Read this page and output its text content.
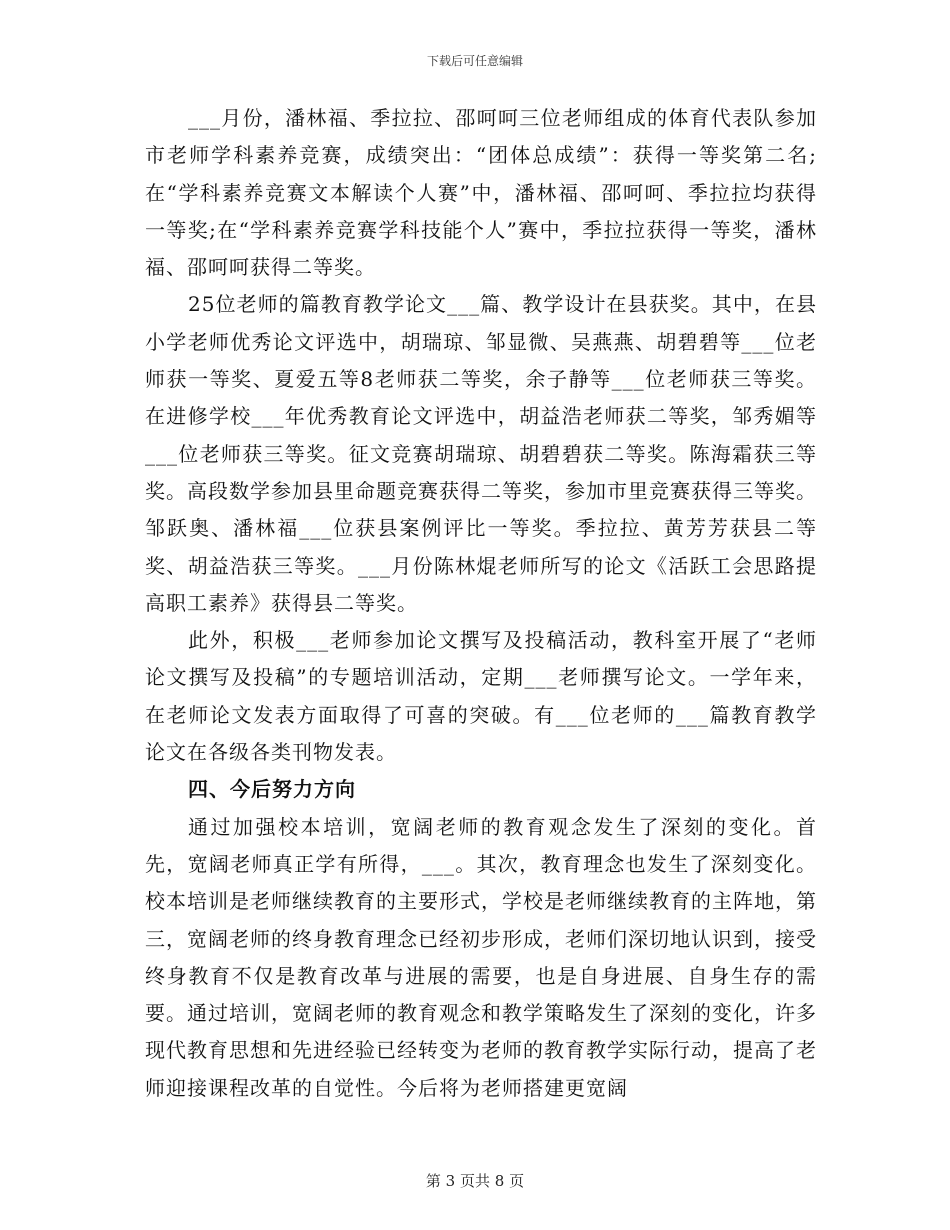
下载后可任意编辑

___月份，潘林福、季拉拉、邵呵呵三位老师组成的体育代表队参加市老师学科素养竞赛，成绩突出：“团体总成绩”：获得一等奖第二名;在“学科素养竞赛文本解读个人赛”中，潘林福、邵呵呵、季拉拉均获得一等奖;在“学科素养竞赛学科技能个人”赛中，季拉拉获得一等奖，潘林福、邵呵呵获得二等奖。

25位老师的篇教育教学论文___篇、教学设计在县获奖。其中，在县小学老师优秀论文评选中，胡瑞琼、邹显微、吴燕燕、胡碧碧等___位老师获一等奖、夏爱五等8老师获二等奖，余子静等___位老师获三等奖。在进修学校___年优秀教育论文评选中，胡益浩老师获二等奖，邹秀媚等___位老师获三等奖。征文竞赛胡瑞琼、胡碧碧获二等奖。陈海霜获三等奖。高段数学参加县里命题竞赛获得二等奖，参加市里竞赛获得三等奖。邹跃奥、潘林福___位获县案例评比一等奖。季拉拉、黄芳芳获县二等奖、胡益浩获三等奖。___月份陈林焜老师所写的论文《活跃工会思路提高职工素养》获得县二等奖。

此外，积极___老师参加论文撰写及投稿活动，教科室开展了“老师论文撰写及投稿”的专题培训活动，定期___老师撰写论文。一学年来，在老师论文发表方面取得了可喜的突破。有___位老师的___篇教育教学论文在各级各类刊物发表。

四、今后努力方向

通过加强校本培训，宽阔老师的教育观念发生了深刻的变化。首先，宽阔老师真正学有所得，___。其次，教育理念也发生了深刻变化。校本培训是老师继续教育的主要形式，学校是老师继续教育的主阵地，第三，宽阔老师的终身教育理念已经初步形成，老师们深切地认识到，接受终身教育不仅是教育改革与进展的需要，也是自身进展、自身生存的需要。通过培训，宽阔老师的教育观念和教学策略发生了深刻的变化，许多现代教育思想和先进经验已经转变为老师的教育教学实际行动，提高了老师迎接课程改革的自觉性。今后将为老师搭建更宽阔

第 3 页共 8 页
